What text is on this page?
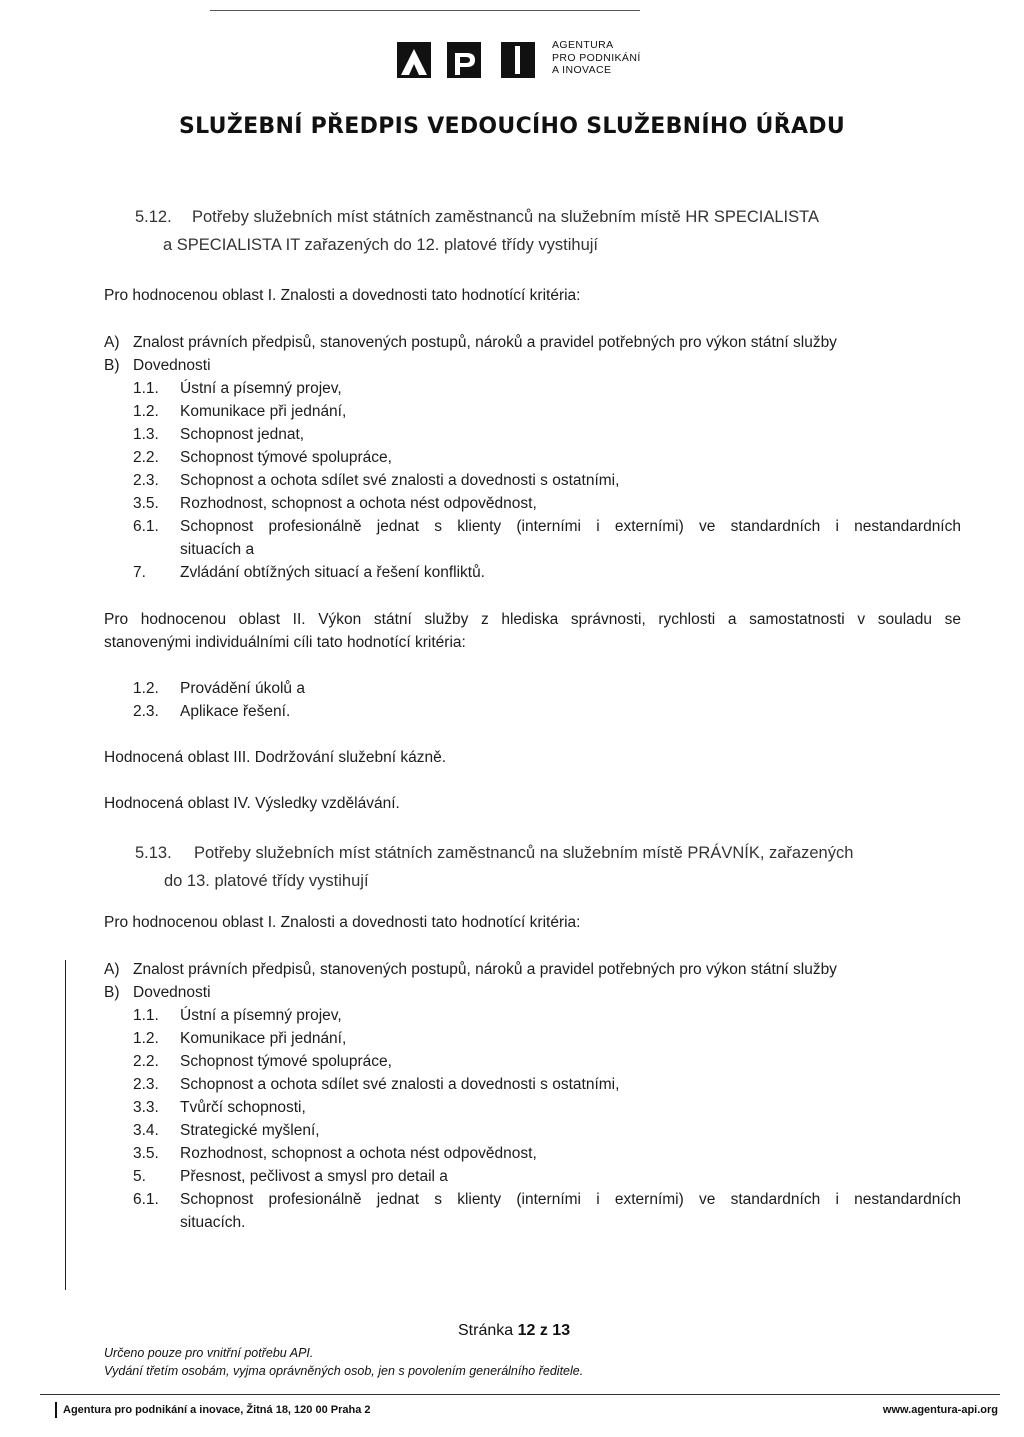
AGENTURA
PRO PODNIKÁNÍ
A INOVACE
SLUŽEBNÍ PŘEDPIS VEDOUCÍHO SLUŽEBNÍHO ÚŘADU
5.12. Potřeby služebních míst státních zaměstnanců na služebním místě HR SPECIALISTA
a SPECIALISTA IT zařazených do 12. platové třídy vystihují
Pro hodnocenou oblast I. Znalosti a dovednosti tato hodnotící kritéria:
A) Znalost právních předpisů, stanovených postupů, nároků a pravidel potřebných pro výkon státní služby
B) Dovednosti
1.1. Ústní a písemný projev,
1.2. Komunikace při jednání,
1.3. Schopnost jednat,
2.2. Schopnost týmové spolupráce,
2.3. Schopnost a ochota sdílet své znalosti a dovednosti s ostatními,
3.5. Rozhodnost, schopnost a ochota nést odpovědnost,
6.1. Schopnost profesionálně jednat s klienty (interními i externími) ve standardních i nestandardních
situacích a
7. Zvládání obtížných situací a řešení konfliktů.
Pro hodnocenou oblast II. Výkon státní služby z hlediska správnosti, rychlosti a samostatnosti v souladu se
stanovenými individuálními cíli tato hodnotící kritéria:
1.2. Provádění úkolů a
2.3. Aplikace řešení.
Hodnocená oblast III. Dodržování služební kázně.
Hodnocená oblast IV. Výsledky vzdělávání.
5.13. Potřeby služebních míst státních zaměstnanců na služebním místě PRÁVNÍK, zařazených
do 13. platové třídy vystihují
Pro hodnocenou oblast I. Znalosti a dovednosti tato hodnotící kritéria:
A) Znalost právních předpisů, stanovených postupů, nároků a pravidel potřebných pro výkon státní služby
B) Dovednosti
1.1. Ústní a písemný projev,
1.2. Komunikace při jednání,
2.2. Schopnost týmové spolupráce,
2.3. Schopnost a ochota sdílet své znalosti a dovednosti s ostatními,
3.3. Tvůrčí schopnosti,
3.4. Strategické myšlení,
3.5. Rozhodnost, schopnost a ochota nést odpovědnost,
5. Přesnost, pečlivost a smysl pro detail a
6.1. Schopnost profesionálně jednat s klienty (interními i externími) ve standardních i nestandardních
situacích.
Stránka 12 z 13
Určeno pouze pro vnitřní potřebu API.
Vydání třetím osobám, vyjma oprávněných osob, jen s povolením generálního ředitele.
Agentura pro podnikání a inovace, Žitná 18, 120 00 Praha 2	www.agentura-api.org
